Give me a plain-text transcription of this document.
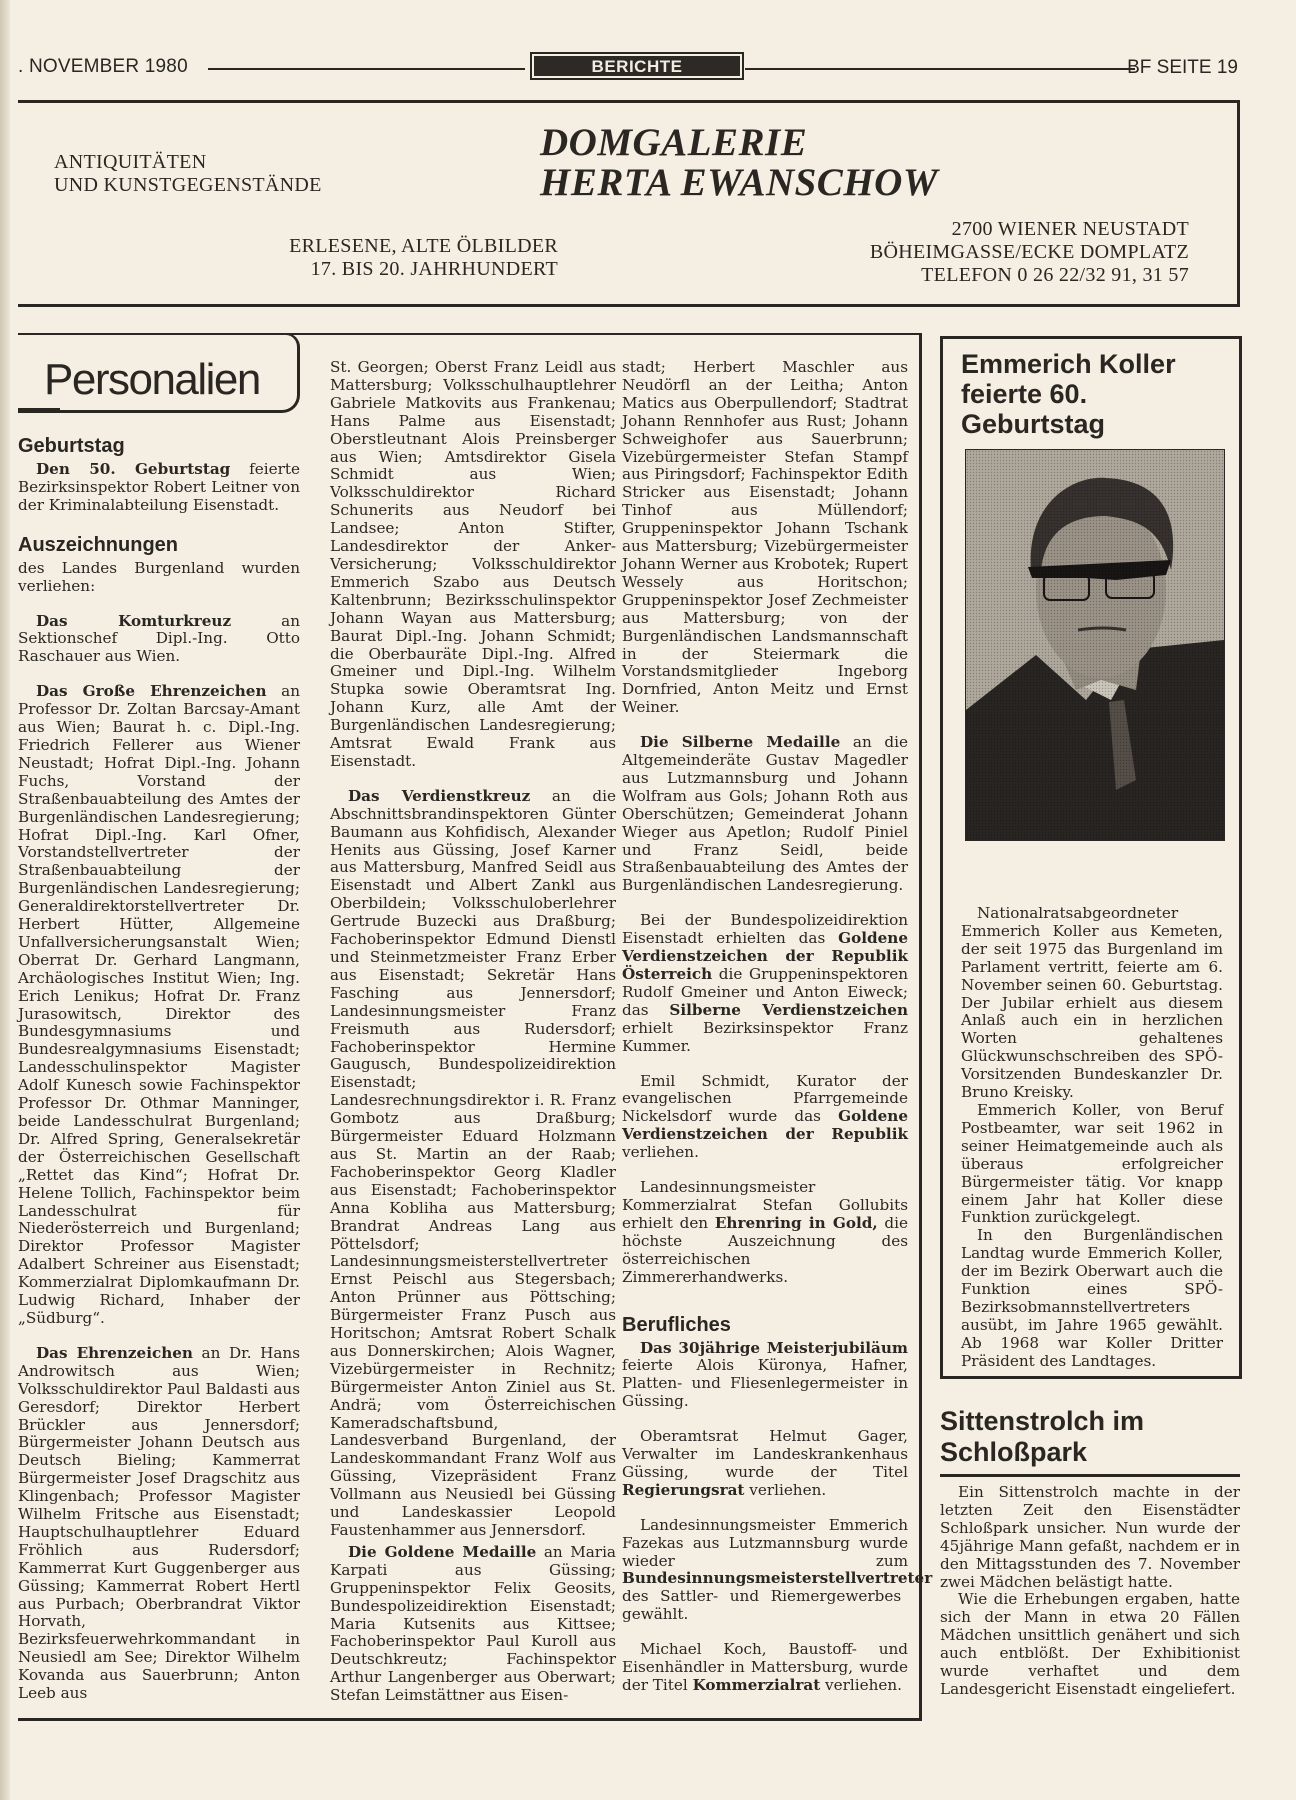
. NOVEMBER 1980	BERICHTE	BF SEITE 19
ANTIQUITÄTEN
UND KUNSTGEGENSTÄNDE
DOMGALERIE
HERTA EWANSCHOW
ERLESENE, ALTE ÖLBILDER
17. BIS 20. JAHRHUNDERT
2700 WIENER NEUSTADT
BÖHEIMGASSE/ECKE DOMPLATZ
TELEFON 0 26 22/32 91, 31 57
Personalien
Geburtstag

Den 50. Geburtstag feierte Bezirksinspektor Robert Leitner von der Kriminalabteilung Eisenstadt.

Auszeichnungen

des Landes Burgenland wurden verliehen:

Das Komturkreuz an Sektionschef Dipl.-Ing. Otto Raschauer aus Wien.

Das Große Ehrenzeichen an Professor Dr. Zoltan Barcsay-Amant aus Wien; Baurat h. c. Dipl.-Ing. Friedrich Fellerer aus Wiener Neustadt; Hofrat Dipl.-Ing. Johann Fuchs, Vorstand der Straßenbauabteilung des Amtes der Burgenländischen Landesregierung; Hofrat Dipl.-Ing. Karl Ofner, Vorstandstellvertreter der Straßenbauabteilung der Burgenländischen Landesregierung; Generaldirektorstellvertreter Dr. Herbert Hütter, Allgemeine Unfallversicherungsanstalt Wien; Oberrat Dr. Gerhard Langmann, Archäologisches Institut Wien; Ing. Erich Lenikus; Hofrat Dr. Franz Jurasowitsch, Direktor des Bundesgymnasiums und Bundesrealgymnasiums Eisenstadt; Landesschulinspektor Magister Adolf Kunesch sowie Fachinspektor Professor Dr. Othmar Manninger, beide Landesschulrat Burgenland; Dr. Alfred Spring, Generalsekretär der Österreichischen Gesellschaft „Rettet das Kind“; Hofrat Dr. Helene Tollich, Fachinspektor beim Landesschulrat für Niederösterreich und Burgenland; Direktor Professor Magister Adalbert Schreiner aus Eisenstadt; Kommerzialrat Diplomkaufmann Dr. Ludwig Richard, Inhaber der „Südburg“.

Das Ehrenzeichen an Dr. Hans Androwitsch aus Wien; Volksschuldirektor Paul Baldasti aus Geresdorf; Direktor Herbert Brückler aus Jennersdorf; Bürgermeister Johann Deutsch aus Deutsch Bieling; Kammerrat Bürgermeister Josef Dragschitz aus Klingenbach; Professor Magister Wilhelm Fritsche aus Eisenstadt; Hauptschulhauptlehrer Eduard Fröhlich aus Rudersdorf; Kammerrat Kurt Guggenberger aus Güssing; Kammerrat Robert Hertl aus Purbach; Oberbrandrat Viktor Horvath, Bezirksfeuerwehrkommandant in Neusiedl am See; Direktor Wilhelm Kovanda aus Sauerbrunn; Anton Leeb aus

St. Georgen; Oberst Franz Leidl aus Mattersburg; Volksschulhauptlehrer Gabriele Matkovits aus Frankenau; Hans Palme aus Eisenstadt; Oberstleutnant Alois Preinsberger aus Wien; Amtsdirektor Gisela Schmidt aus Wien; Volksschuldirektor Richard Schunerits aus Neudorf bei Landsee; Anton Stifter, Landesdirektor der Anker-Versicherung; Volksschuldirektor Emmerich Szabo aus Deutsch Kaltenbrunn; Bezirksschulinspektor Johann Wayan aus Mattersburg; Baurat Dipl.-Ing. Johann Schmidt; die Oberbauräte Dipl.-Ing. Alfred Gmeiner und Dipl.-Ing. Wilhelm Stupka sowie Oberamtsrat Ing. Johann Kurz, alle Amt der Burgenländischen Landesregierung; Amtsrat Ewald Frank aus Eisenstadt.

Das Verdienstkreuz an die Abschnittsbrandinspektoren Günter Baumann aus Kohfidisch, Alexander Henits aus Güssing, Josef Karner aus Mattersburg, Manfred Seidl aus Eisenstadt und Albert Zankl aus Oberbildein; Volksschuloberlehrer Gertrude Buzecki aus Draßburg; Fachoberinspektor Edmund Dienstl und Steinmetzmeister Franz Erber aus Eisenstadt; Sekretär Hans Fasching aus Jennersdorf; Landesinnungsmeister Franz Freismuth aus Rudersdorf; Fachoberinspektor Hermine Gaugusch, Bundespolizeidirektion Eisenstadt; Landesrechnungsdirektor i. R. Franz Gombotz aus Draßburg; Bürgermeister Eduard Holzmann aus St. Martin an der Raab; Fachoberinspektor Georg Kladler aus Eisenstadt; Fachoberinspektor Anna Kobliha aus Mattersburg; Brandrat Andreas Lang aus Pöttelsdorf; Landesinnungsmeisterstellvertreter Ernst Peischl aus Stegersbach; Anton Prünner aus Pöttsching; Bürgermeister Franz Pusch aus Horitschon; Amtsrat Robert Schalk aus Donnerskirchen; Alois Wagner, Vizebürgermeister in Rechnitz; Bürgermeister Anton Ziniel aus St. Andrä; vom Österreichischen Kameradschaftsbund, Landesverband Burgenland, der Landeskommandant Franz Wolf aus Güssing, Vizepräsident Franz Vollmann aus Neusiedl bei Güssing und Landeskassier Leopold Faustenhammer aus Jennersdorf.

Die Goldene Medaille an Maria Karpati aus Güssing; Gruppeninspektor Felix Geosits, Bundespolizeidirektion Eisenstadt; Maria Kutsenits aus Kittsee; Fachoberinspektor Paul Kuroll aus Deutschkreutz; Fachinspektor Arthur Langenberger aus Oberwart; Stefan Leimstättner aus Eisen-

stadt; Herbert Maschler aus Neudörfl an der Leitha; Anton Matics aus Oberpullendorf; Stadtrat Johann Rennhofer aus Rust; Johann Schweighofer aus Sauerbrunn; Vizebürgermeister Stefan Stampf aus Piringsdorf; Fachinspektor Edith Stricker aus Eisenstadt; Johann Tinhof aus Müllendorf; Gruppeninspektor Johann Tschank aus Mattersburg; Vizebürgermeister Johann Werner aus Krobotek; Rupert Wessely aus Horitschon; Gruppeninspektor Josef Zechmeister aus Mattersburg; von der Burgenländischen Landsmannschaft in der Steiermark die Vorstandsmitglieder Ingeborg Dornfried, Anton Meitz und Ernst Weiner.

Die Silberne Medaille an die Altgemeinderäte Gustav Magedler aus Lutzmannsburg und Johann Wolfram aus Gols; Johann Roth aus Oberschützen; Gemeinderat Johann Wieger aus Apetlon; Rudolf Piniel und Franz Seidl, beide Straßenbauabteilung des Amtes der Burgenländischen Landesregierung.

Bei der Bundespolizeidirektion Eisenstadt erhielten das Goldene Verdienstzeichen der Republik Österreich die Gruppeninspektoren Rudolf Gmeiner und Anton Eiweck; das Silberne Verdienstzeichen erhielt Bezirksinspektor Franz Kummer.

Emil Schmidt, Kurator der evangelischen Pfarrgemeinde Nickelsdorf wurde das Goldene Verdienstzeichen der Republik verliehen.

Landesinnungsmeister Kommerzialrat Stefan Gollubits erhielt den Ehrenring in Gold, die höchste Auszeichnung des österreichischen Zimmererhandwerks.

Berufliches

Das 30jährige Meisterjubiläum feierte Alois Küronya, Hafner, Platten- und Fliesenlegermeister in Güssing.

Oberamtsrat Helmut Gager, Verwalter im Landeskrankenhaus Güssing, wurde der Titel Regierungsrat verliehen.

Landesinnungsmeister Emmerich Fazekas aus Lutzmannsburg wurde wieder zum Bundesinnungsmeisterstellvertreter des Sattler- und Riemergewerbes gewählt.

Michael Koch, Baustoff- und Eisenhändler in Mattersburg, wurde der Titel Kommerzialrat verliehen.

Emmerich Koller feierte 60. Geburtstag

Nationalratsabgeordneter Emmerich Koller aus Kemeten, der seit 1975 das Burgenland im Parlament vertritt, feierte am 6. November seinen 60. Geburtstag. Der Jubilar erhielt aus diesem Anlaß auch ein in herzlichen Worten gehaltenes Glückwunschschreiben des SPÖ-Vorsitzenden Bundeskanzler Dr. Bruno Kreisky.

Emmerich Koller, von Beruf Postbeamter, war seit 1962 in seiner Heimatgemeinde auch als überaus erfolgreicher Bürgermeister tätig. Vor knapp einem Jahr hat Koller diese Funktion zurückgelegt.

In den Burgenländischen Landtag wurde Emmerich Koller, der im Bezirk Oberwart auch die Funktion eines SPÖ-Bezirksobmannstellvertreters ausübt, im Jahre 1965 gewählt. Ab 1968 war Koller Dritter Präsident des Landtages.

Sittenstrolch im Schloßpark

Ein Sittenstrolch machte in der letzten Zeit den Eisenstädter Schloßpark unsicher. Nun wurde der 45jährige Mann gefaßt, nachdem er in den Mittagsstunden des 7. November zwei Mädchen belästigt hatte.

Wie die Erhebungen ergaben, hatte sich der Mann in etwa 20 Fällen Mädchen unsittlich genähert und sich auch entblößt. Der Exhibitionist wurde verhaftet und dem Landesgericht Eisenstadt eingeliefert.
